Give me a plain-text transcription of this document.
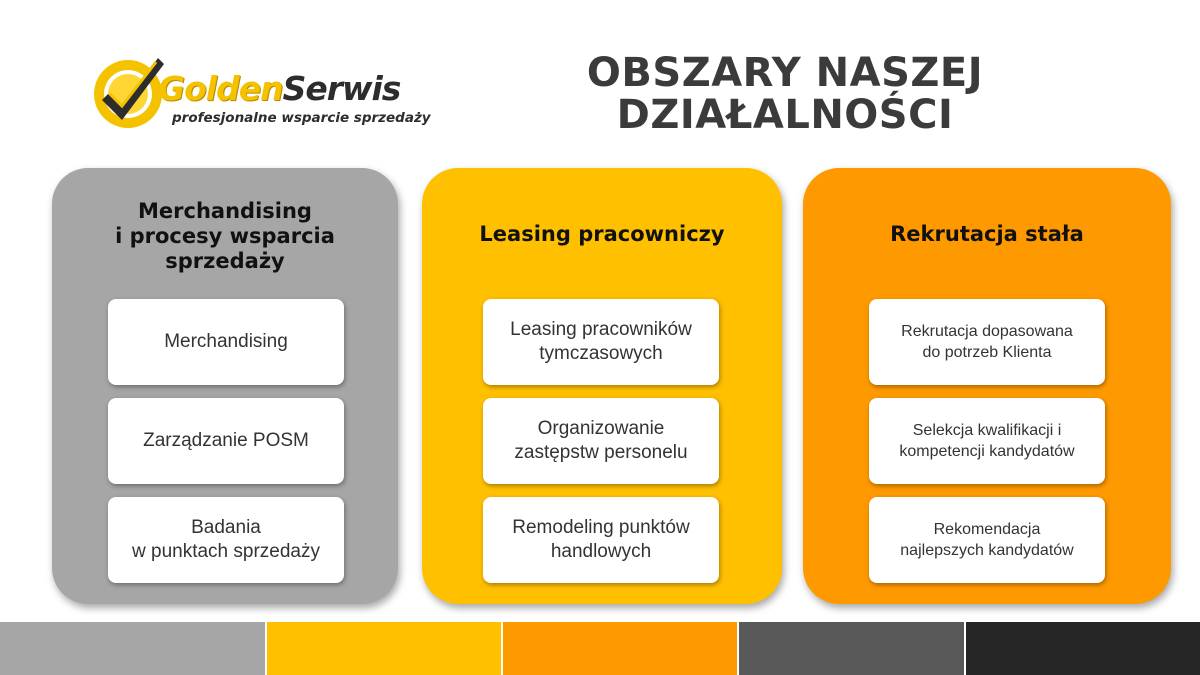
GoldenSerwis
profesjonalne wsparcie sprzedaży
OBSZARY NASZEJ
DZIAŁALNOŚCI
Merchandising
i procesy wsparcia
sprzedaży
Merchandising
Zarządzanie POSM
Badania
w punktach sprzedaży
Leasing pracowniczy
Leasing pracowników
tymczasowych
Organizowanie
zastępstw personelu
Remodeling punktów
handlowych
Rekrutacja stała
Rekrutacja dopasowana
do potrzeb Klienta
Selekcja kwalifikacji i
kompetencji kandydatów
Rekomendacja
najlepszych kandydatów
